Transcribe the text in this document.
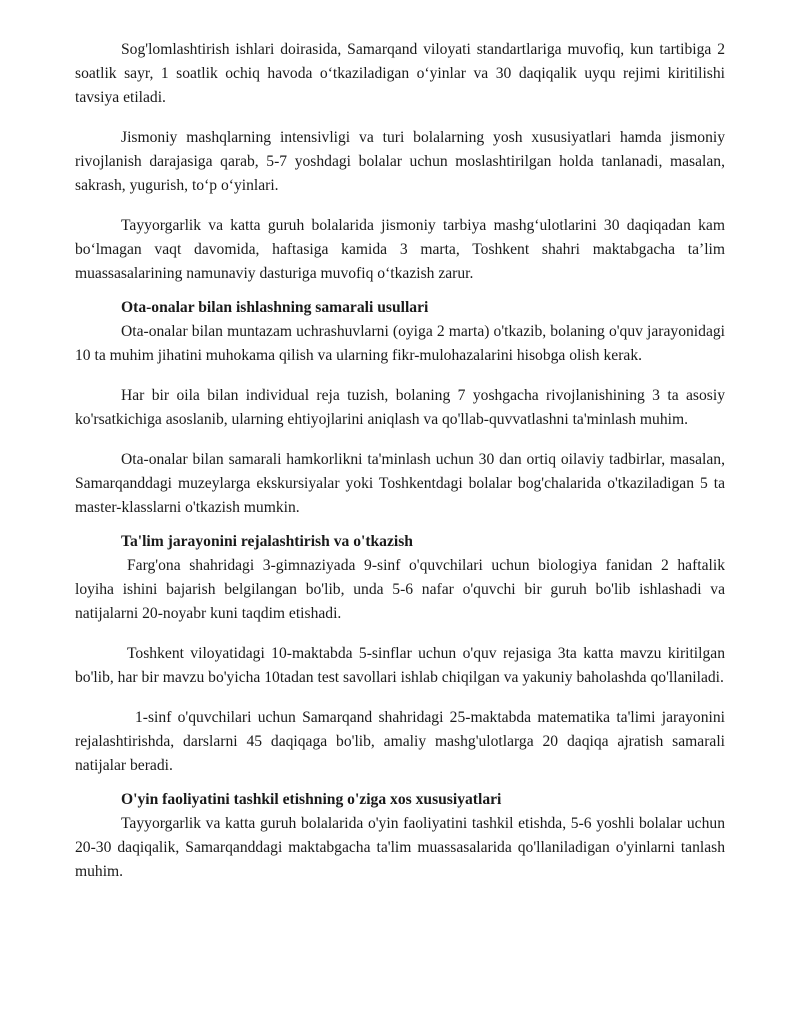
Sog'lomlashtirish ishlari doirasida, Samarqand viloyati standartlariga muvofiq, kun tartibiga 2 soatlik sayr, 1 soatlik ochiq havoda o‘tkaziladigan o‘yinlar va 30 daqiqalik uyqu rejimi kiritilishi tavsiya etiladi.

Jismoniy mashqlarning intensivligi va turi bolalarning yosh xususiyatlari hamda jismoniy rivojlanish darajasiga qarab, 5-7 yoshdagi bolalar uchun moslashtirilgan holda tanlanadi, masalan, sakrash, yugurish, to‘p o‘yinlari.

Tayyorgarlik va katta guruh bolalarida jismoniy tarbiya mashg‘ulotlarini 30 daqiqadan kam bo‘lmagan vaqt davomida, haftasiga kamida 3 marta, Toshkent shahri maktabgacha ta’lim muassasalarining namunaviy dasturiga muvofiq o‘tkazish zarur.

Ota-onalar bilan ishlashning samarali usullari

Ota-onalar bilan muntazam uchrashuvlarni (oyiga 2 marta) o'tkazib, bolaning o'quv jarayonidagi 10 ta muhim jihatini muhokama qilish va ularning fikr-mulohazalarini hisobga olish kerak.

Har bir oila bilan individual reja tuzish, bolaning 7 yoshgacha rivojlanishining 3 ta asosiy ko'rsatkichiga asoslanib, ularning ehtiyojlarini aniqlash va qo'llab-quvvatlashni ta'minlash muhim.

Ota-onalar bilan samarali hamkorlikni ta'minlash uchun 30 dan ortiq oilaviy tadbirlar, masalan, Samarqanddagi muzeylarga ekskursiyalar yoki Toshkentdagi bolalar bog'chalarida o'tkaziladigan 5 ta master-klasslarni o'tkazish mumkin.

Ta'lim jarayonini rejalashtirish va o'tkazish

Farg'ona shahridagi 3-gimnaziyada 9-sinf o'quvchilari uchun biologiya fanidan 2 haftalik loyiha ishini bajarish belgilangan bo'lib, unda 5-6 nafar o'quvchi bir guruh bo'lib ishlashadi va natijalarni 20-noyabr kuni taqdim etishadi.

Toshkent viloyatidagi 10-maktabda 5-sinflar uchun o'quv rejasiga 3ta katta mavzu kiritilgan bo'lib, har bir mavzu bo'yicha 10tadan test savollari ishlab chiqilgan va yakuniy baholashda qo'llaniladi.

1-sinf o'quvchilari uchun Samarqand shahridagi 25-maktabda matematika ta'limi jarayonini rejalashtirishda, darslarni 45 daqiqaga bo'lib, amaliy mashg'ulotlarga 20 daqiqa ajratish samarali natijalar beradi.

O'yin faoliyatini tashkil etishning o'ziga xos xususiyatlari

Tayyorgarlik va katta guruh bolalarida o'yin faoliyatini tashkil etishda, 5-6 yoshli bolalar uchun 20-30 daqiqalik, Samarqanddagi maktabgacha ta'lim muassasalarida qo'llaniladigan o'yinlarni tanlash muhim.
